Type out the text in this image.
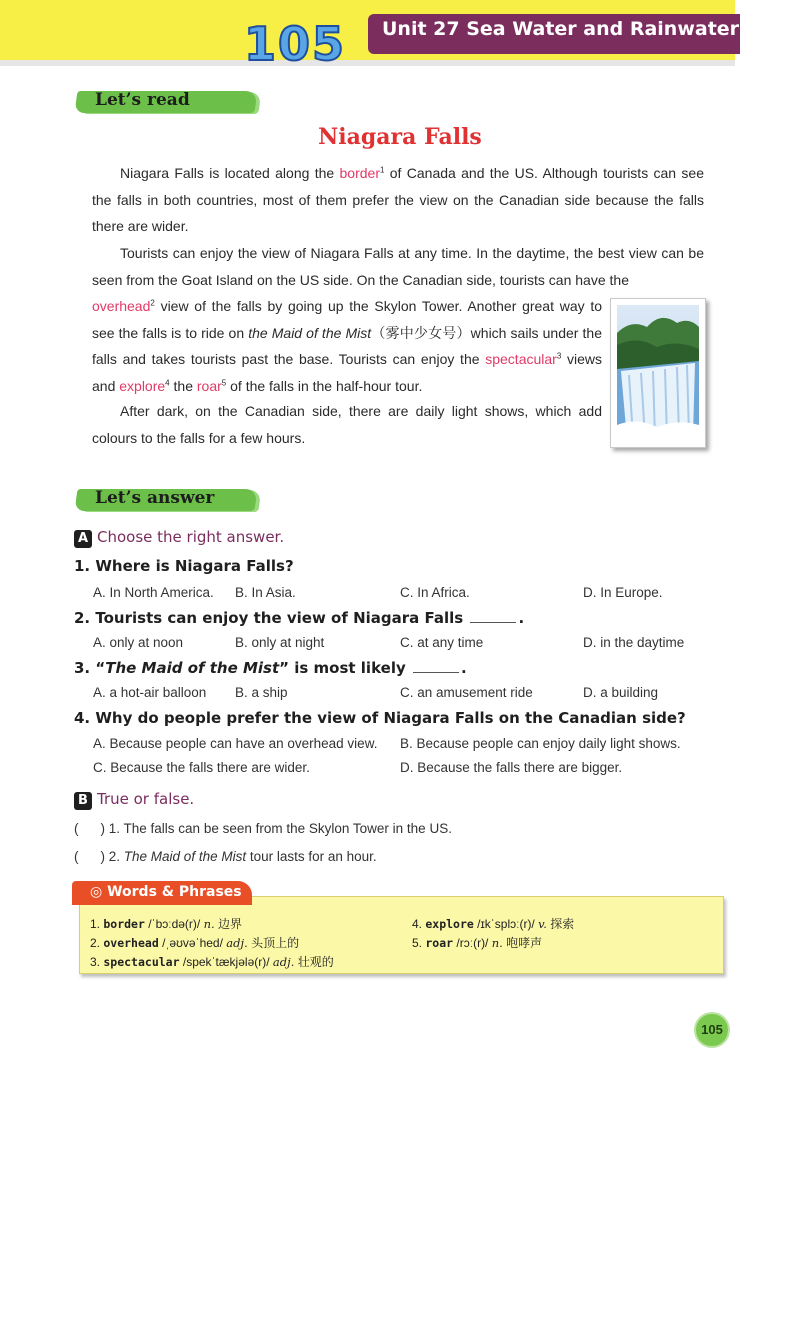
105 Unit 27 Sea Water and Rainwater
Let’s read
Niagara Falls
Niagara Falls is located along the border$^1$ of Canada and the US. Although tourists can see the falls in both countries, most of them prefer the view on the Canadian side because the falls there are wider.
Tourists can enjoy the view of Niagara Falls at any time. In the daytime, the best view can be seen from the Goat Island on the US side. On the Canadian side, tourists can have the
overhead$^2$ view of the falls by going up the Skylon Tower. Another great way to see the falls is to ride on the Maid of the Mist（雾中少女号）which sails under the falls and takes tourists past the base. Tourists can enjoy the spectacular$^3$ views and explore$^4$ the roar$^5$ of the falls in the half-hour tour.
After dark, on the Canadian side, there are daily light shows, which add colours to the falls for a few hours.
Let’s answer
A Choose the right answer.
1. Where is Niagara Falls?
A. In North America. B. In Asia.	C. In Africa.	D. In Europe.
2. Tourists can enjoy the view of Niagara Falls	.
A. only at noon	B. only at night	C. at any time	D. in the daytime
3. “The Maid of the Mist” is most likely	.
A. a hot-air balloon B. a ship	C. an amusement ride	D. a building
4. Why do people prefer the view of Niagara Falls on the Canadian side?
A. Because people can have an overhead view. B. Because people can enjoy daily light shows.
C. Because the falls there are wider.	D. Because the falls there are bigger.
B True or false.
( ) 1. The falls can be seen from the Skylon Tower in the US.
( ) 2. The Maid of the Mist tour lasts for an hour.
◎ Words & Phrases
1. border /ˈbɔːdə(r)/ n. 边界
2. overhead /ˌəʊvəˈhed/ adj. 头顶上的
3. spectacular /spekˈtækjələ(r)/ adj. 壮观的
4. explore /ɪkˈsplɔː(r)/ v. 探索
5. roar /rɔː(r)/ n. 咆哮声
105
